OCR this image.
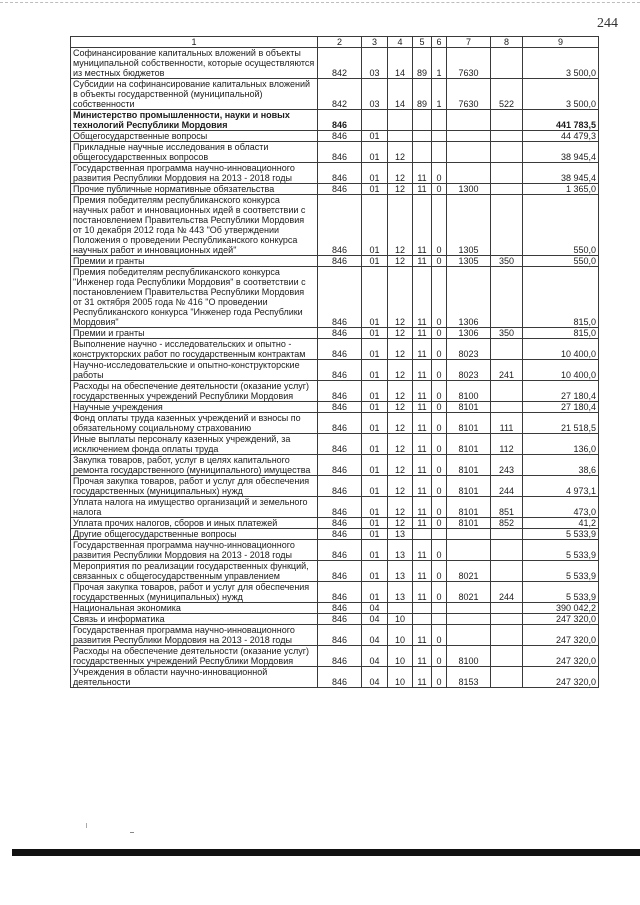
244
1	2	3	4	5	6	7	8	9
Софинансирование капитальных вложений в объекты муниципальной собственности, которые осуществляются из местных бюджетов	842	03	14	89	1	7630		3 500,0
Субсидии на софинансирование капитальных вложений в объекты государственной (муниципальной) собственности	842	03	14	89	1	7630	522	3 500,0
Министерство промышленности, науки и новых технологий Республики Мордовия	846							441 783,5
Общегосударственные вопросы	846	01						44 479,3
Прикладные научные исследования в области общегосударственных вопросов	846	01	12					38 945,4
Государственная программа научно-инновационного развития Республики Мордовия на 2013 - 2018 годы	846	01	12	11	0			38 945,4
Прочие публичные нормативные обязательства	846	01	12	11	0	1300		1 365,0
Премия победителям республиканского конкурса научных работ и инновационных идей в соответствии с постановлением Правительства Республики Мордовия от 10 декабря 2012 года № 443 "Об утверждении Положения о проведении Республиканского конкурса научных работ и инновационных идей"	846	01	12	11	0	1305		550,0
Премии и гранты	846	01	12	11	0	1305	350	550,0
Премия победителям республиканского конкурса "Инженер года Республики Мордовия" в соответствии с постановлением Правительства Республики Мордовия от 31 октября 2005 года № 416 "О проведении Республиканского конкурса "Инженер года Республики Мордовия"	846	01	12	11	0	1306		815,0
Премии и гранты	846	01	12	11	0	1306	350	815,0
Выполнение научно - исследовательских и опытно - конструкторских работ по государственным контрактам	846	01	12	11	0	8023		10 400,0
Научно-исследовательские и опытно-конструкторские работы	846	01	12	11	0	8023	241	10 400,0
Расходы на обеспечение деятельности (оказание услуг) государственных учреждений Республики Мордовия	846	01	12	11	0	8100		27 180,4
Научные учреждения	846	01	12	11	0	8101		27 180,4
Фонд оплаты труда казенных учреждений и взносы по обязательному социальному страхованию	846	01	12	11	0	8101	111	21 518,5
Иные выплаты персоналу казенных учреждений, за исключением фонда оплаты труда	846	01	12	11	0	8101	112	136,0
Закупка товаров, работ, услуг в целях капитального ремонта государственного (муниципального) имущества	846	01	12	11	0	8101	243	38,6
Прочая закупка товаров, работ и услуг для обеспечения государственных (муниципальных) нужд	846	01	12	11	0	8101	244	4 973,1
Уплата налога на имущество организаций и земельного налога	846	01	12	11	0	8101	851	473,0
Уплата прочих налогов, сборов и иных платежей	846	01	12	11	0	8101	852	41,2
Другие общегосударственные вопросы	846	01	13					5 533,9
Государственная программа научно-инновационного развития Республики Мордовия на 2013 - 2018 годы	846	01	13	11	0			5 533,9
Мероприятия по реализации государственных функций, связанных с общегосударственным управлением	846	01	13	11	0	8021		5 533,9
Прочая закупка товаров, работ и услуг для обеспечения государственных (муниципальных) нужд	846	01	13	11	0	8021	244	5 533,9
Национальная экономика	846	04						390 042,2
Связь и информатика	846	04	10					247 320,0
Государственная программа научно-инновационного развития Республики Мордовия на 2013 - 2018 годы	846	04	10	11	0			247 320,0
Расходы на обеспечение деятельности (оказание услуг) государственных учреждений Республики Мордовия	846	04	10	11	0	8100		247 320,0
Учреждения в области научно-инновационной деятельности	846	04	10	11	0	8153		247 320,0
